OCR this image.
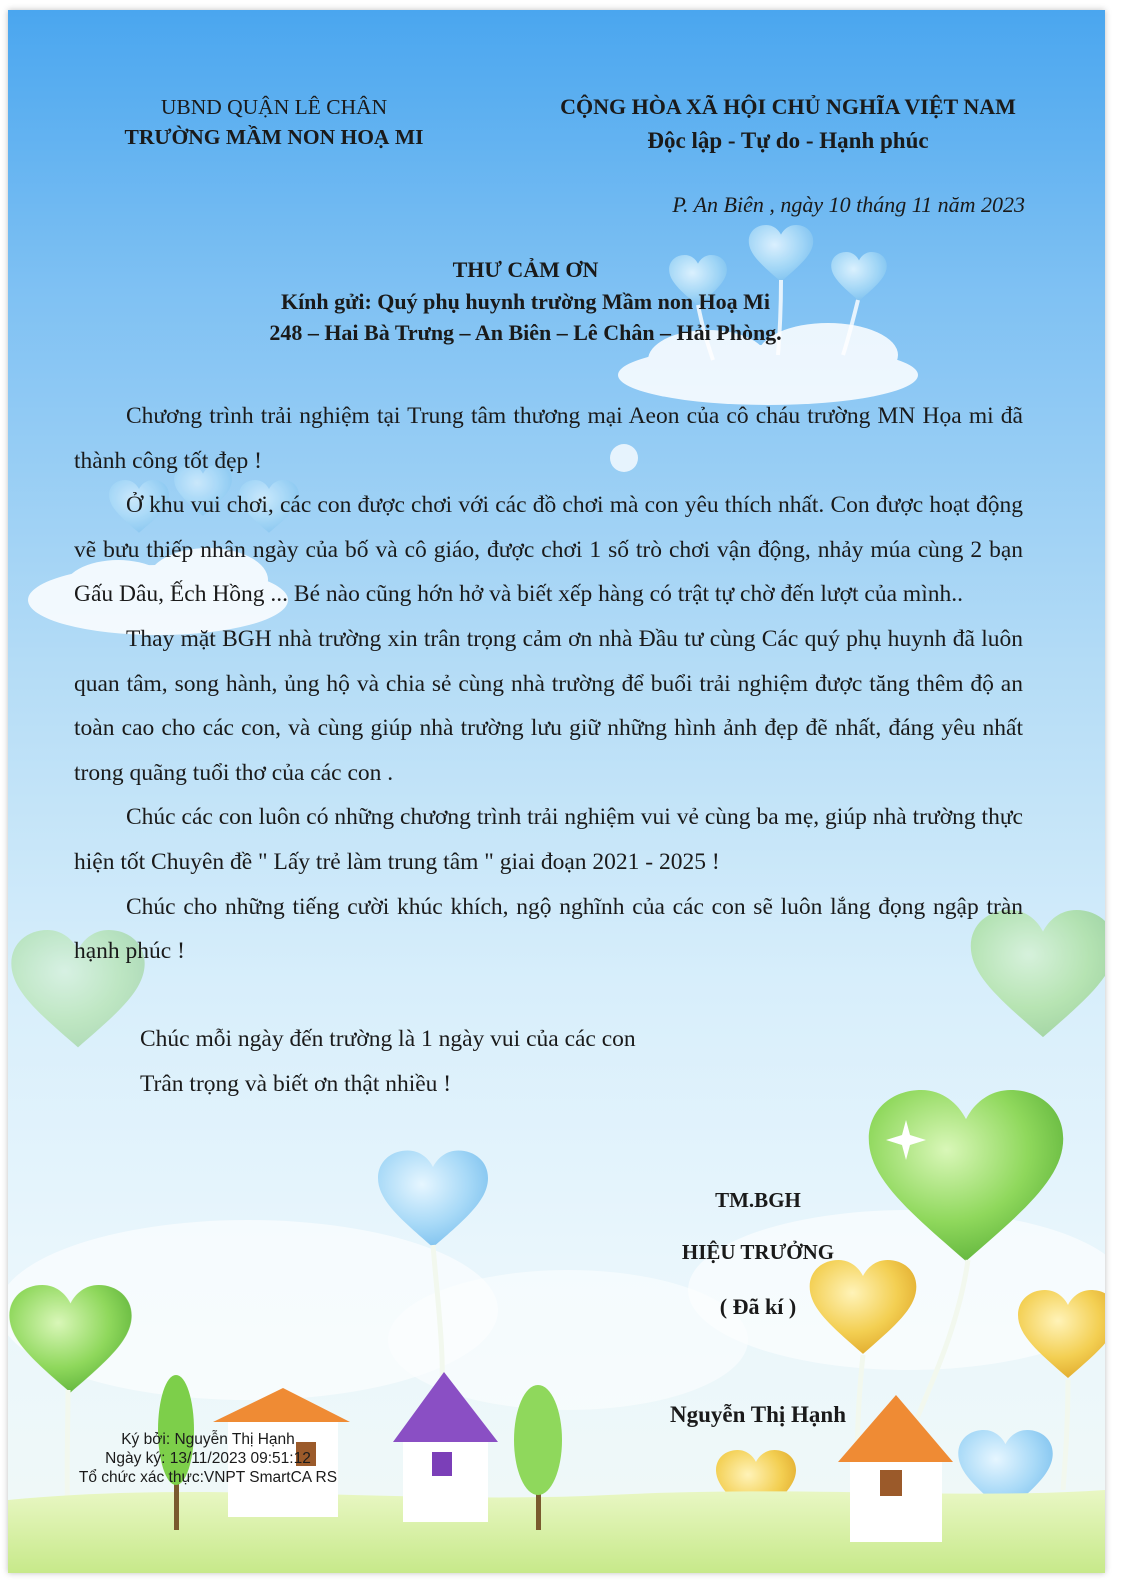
UBND QUẬN LÊ CHÂN
TRƯỜNG MẦM NON HOẠ MI
CỘNG HÒA XÃ HỘI CHỦ NGHĨA VIỆT NAM
Độc lập - Tự do - Hạnh phúc
P. An Biên , ngày 10 tháng 11 năm 2023
THƯ CẢM ƠN
Kính gửi: Quý phụ huynh trường Mầm non Hoạ Mi
248 – Hai Bà Trưng – An Biên – Lê Chân – Hải Phòng.

Chương trình trải nghiệm tại Trung tâm thương mại Aeon của cô cháu trường MN Họa mi đã thành công tốt đẹp !

Ở khu vui chơi, các con được chơi với các đồ chơi mà con yêu thích nhất. Con được hoạt động vẽ bưu thiếp nhân ngày của bố và cô giáo, được chơi 1 số trò chơi vận động, nhảy múa cùng 2 bạn Gấu Dâu, Ếch Hồng ... Bé nào cũng hớn hở và biết xếp hàng có trật tự chờ đến lượt của mình..

Thay mặt BGH nhà trường xin trân trọng cảm ơn nhà Đầu tư cùng Các quý phụ huynh đã luôn quan tâm, song hành, ủng hộ và chia sẻ cùng nhà trường để buổi trải nghiệm được tăng thêm độ an toàn cao cho các con, và cùng giúp nhà trường lưu giữ những hình ảnh đẹp đẽ nhất, đáng yêu nhất trong quãng tuổi thơ của các con .

Chúc các con luôn có những chương trình trải nghiệm vui vẻ cùng ba mẹ, giúp nhà trường thực hiện tốt Chuyên đề " Lấy trẻ làm trung tâm " giai đoạn 2021 - 2025 !

Chúc cho những tiếng cười khúc khích, ngộ nghĩnh của các con sẽ luôn lắng đọng ngập tràn hạnh phúc !

Chúc mỗi ngày đến trường là 1 ngày vui của các con

Trân trọng và biết ơn thật nhiều !

TM.BGH
HIỆU TRƯỞNG
( Đã kí )
Nguyễn Thị Hạnh
Ký bởi: Nguyễn Thị Hạnh
Ngày ký: 13/11/2023 09:51:12
Tổ chức xác thực:VNPT SmartCA RS
